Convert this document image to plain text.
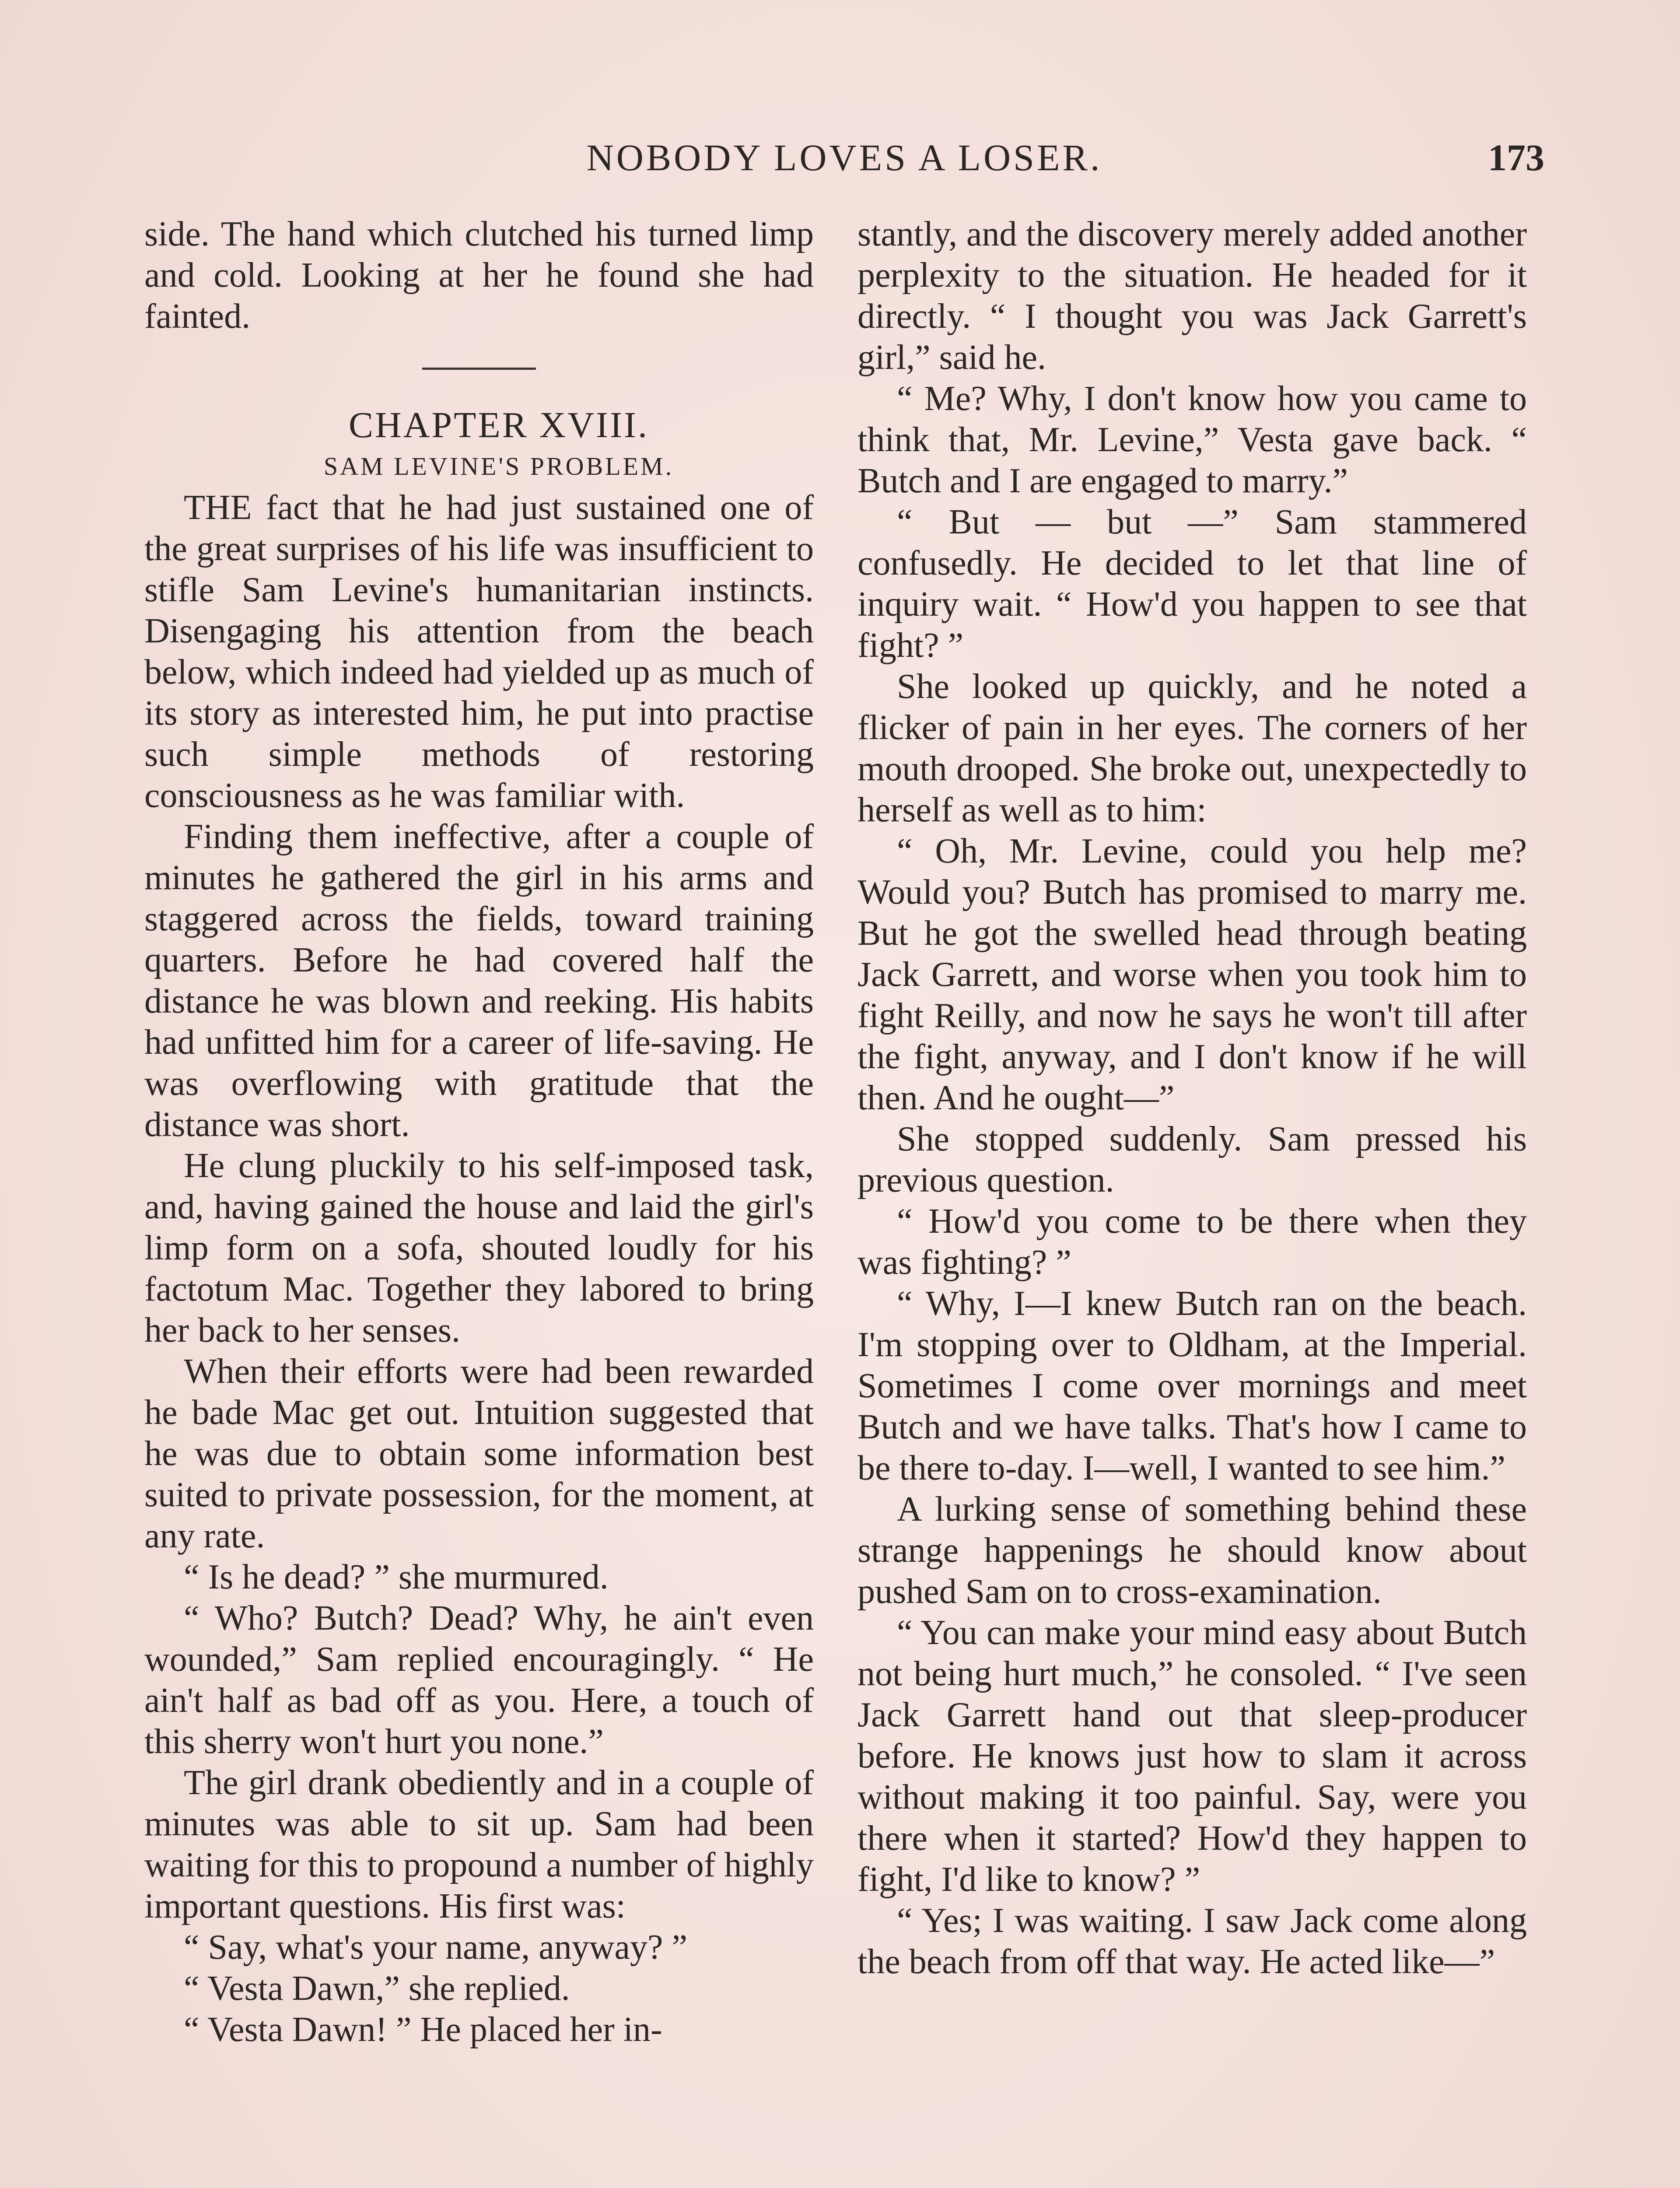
NOBODY LOVES A LOSER.	173

side. The hand which clutched his turned limp and cold. Looking at her he found she had fainted.

CHAPTER XVIII.

SAM LEVINE'S PROBLEM.

THE fact that he had just sustained one of the great surprises of his life was insufficient to stifle Sam Levine's humanitarian instincts. Disengaging his attention from the beach below, which indeed had yielded up as much of its story as interested him, he put into practise such simple methods of restoring consciousness as he was familiar with.

Finding them ineffective, after a couple of minutes he gathered the girl in his arms and staggered across the fields, toward training quarters. Before he had covered half the distance he was blown and reeking. His habits had unfitted him for a career of life-saving. He was overflowing with gratitude that the distance was short.

He clung pluckily to his self-imposed task, and, having gained the house and laid the girl's limp form on a sofa, shouted loudly for his factotum Mac. Together they labored to bring her back to her senses.

When their efforts were had been rewarded he bade Mac get out. Intuition suggested that he was due to obtain some information best suited to private possession, for the moment, at any rate.

“ Is he dead? ” she murmured.

“ Who? Butch? Dead? Why, he ain't even wounded,” Sam replied encouragingly. “ He ain't half as bad off as you. Here, a touch of this sherry won't hurt you none.”

The girl drank obediently and in a couple of minutes was able to sit up. Sam had been waiting for this to propound a number of highly important questions. His first was:

“ Say, what's your name, anyway? ”

“ Vesta Dawn,” she replied.

“ Vesta Dawn! ” He placed her in-

stantly, and the discovery merely added another perplexity to the situation. He headed for it directly. “ I thought you was Jack Garrett's girl,” said he.

“ Me? Why, I don't know how you came to think that, Mr. Levine,” Vesta gave back. “ Butch and I are engaged to marry.”

“ But — but —” Sam stammered confusedly. He decided to let that line of inquiry wait. “ How'd you happen to see that fight? ”

She looked up quickly, and he noted a flicker of pain in her eyes. The corners of her mouth drooped. She broke out, unexpectedly to herself as well as to him:

“ Oh, Mr. Levine, could you help me? Would you? Butch has promised to marry me. But he got the swelled head through beating Jack Garrett, and worse when you took him to fight Reilly, and now he says he won't till after the fight, anyway, and I don't know if he will then. And he ought—”

She stopped suddenly. Sam pressed his previous question.

“ How'd you come to be there when they was fighting? ”

“ Why, I—I knew Butch ran on the beach. I'm stopping over to Oldham, at the Imperial. Sometimes I come over mornings and meet Butch and we have talks. That's how I came to be there to-day. I—well, I wanted to see him.”

A lurking sense of something behind these strange happenings he should know about pushed Sam on to cross-examination.

“ You can make your mind easy about Butch not being hurt much,” he consoled. “ I've seen Jack Garrett hand out that sleep-producer before. He knows just how to slam it across without making it too painful. Say, were you there when it started? How'd they happen to fight, I'd like to know? ”

“ Yes; I was waiting. I saw Jack come along the beach from off that way. He acted like—”
